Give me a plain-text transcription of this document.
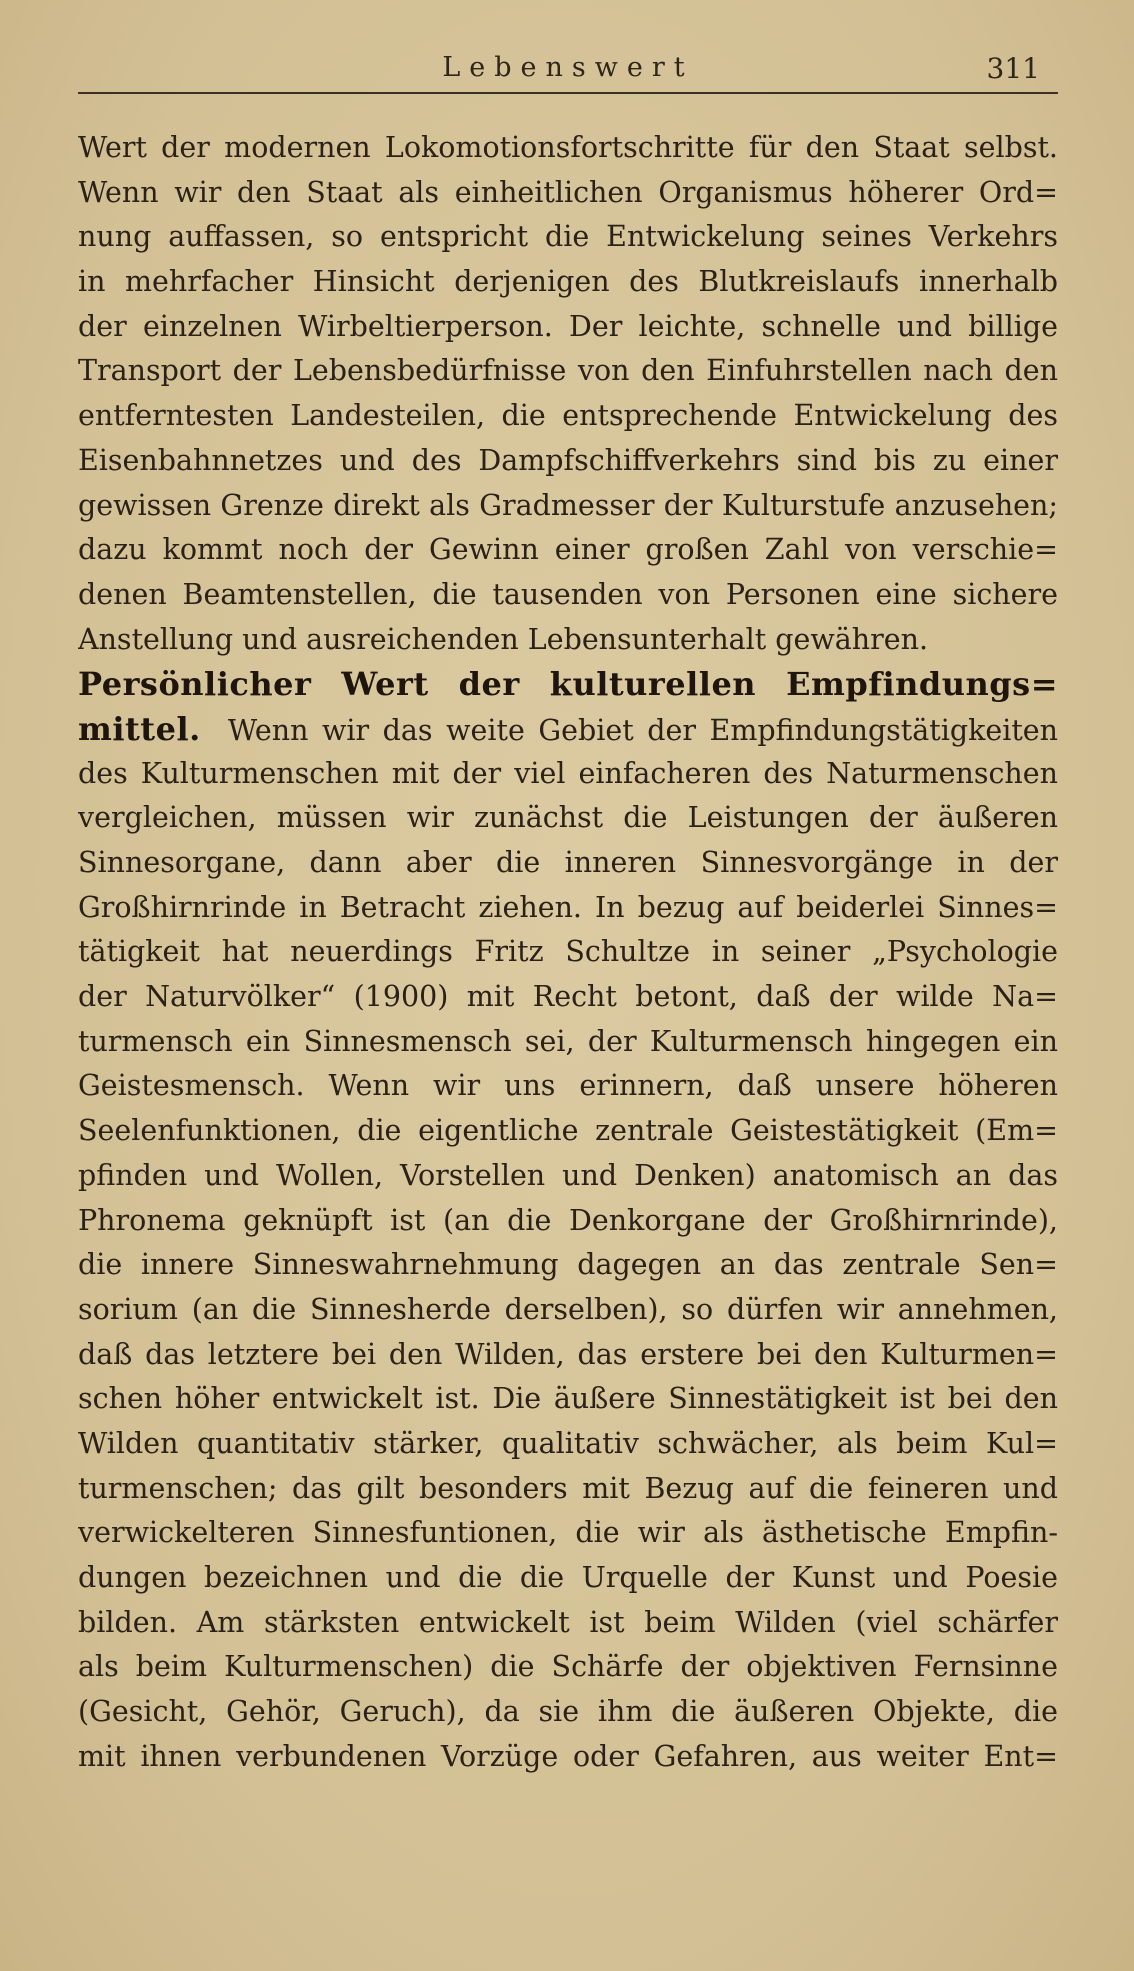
Lebenswert	311
Wert der modernen Lokomotionsfortschritte für den Staat selbst.
Wenn wir den Staat als einheitlichen Organismus höherer Ord=
nung auffassen, so entspricht die Entwickelung seines Verkehrs
in mehrfacher Hinsicht derjenigen des Blutkreislaufs innerhalb
der einzelnen Wirbeltierperson. Der leichte, schnelle und billige
Transport der Lebensbedürfnisse von den Einfuhrstellen nach den
entferntesten Landesteilen, die entsprechende Entwickelung des
Eisenbahnnetzes und des Dampfschiffverkehrs sind bis zu einer
gewissen Grenze direkt als Gradmesser der Kulturstufe anzusehen;
dazu kommt noch der Gewinn einer großen Zahl von verschie=
denen Beamtenstellen, die tausenden von Personen eine sichere
Anstellung und ausreichenden Lebensunterhalt gewähren.
Persönlicher Wert der kulturellen Empfindungs=
mittel. Wenn wir das weite Gebiet der Empfindungstätigkeiten
des Kulturmenschen mit der viel einfacheren des Naturmenschen
vergleichen, müssen wir zunächst die Leistungen der äußeren
Sinnesorgane, dann aber die inneren Sinnesvorgänge in der
Großhirnrinde in Betracht ziehen. In bezug auf beiderlei Sinnes=
tätigkeit hat neuerdings Fritz Schultze in seiner „Psychologie
der Naturvölker“ (1900) mit Recht betont, daß der wilde Na=
turmensch ein Sinnesmensch sei, der Kulturmensch hingegen ein
Geistesmensch. Wenn wir uns erinnern, daß unsere höheren
Seelenfunktionen, die eigentliche zentrale Geistestätigkeit (Em=
pfinden und Wollen, Vorstellen und Denken) anatomisch an das
Phronema geknüpft ist (an die Denkorgane der Großhirnrinde),
die innere Sinneswahrnehmung dagegen an das zentrale Sen=
sorium (an die Sinnesherde derselben), so dürfen wir annehmen,
daß das letztere bei den Wilden, das erstere bei den Kulturmen=
schen höher entwickelt ist. Die äußere Sinnestätigkeit ist bei den
Wilden quantitativ stärker, qualitativ schwächer, als beim Kul=
turmenschen; das gilt besonders mit Bezug auf die feineren und
verwickelteren Sinnesfuntionen, die wir als ästhetische Empfin-
dungen bezeichnen und die die Urquelle der Kunst und Poesie
bilden. Am stärksten entwickelt ist beim Wilden (viel schärfer
als beim Kulturmenschen) die Schärfe der objektiven Fernsinne
(Gesicht, Gehör, Geruch), da sie ihm die äußeren Objekte, die
mit ihnen verbundenen Vorzüge oder Gefahren, aus weiter Ent=
